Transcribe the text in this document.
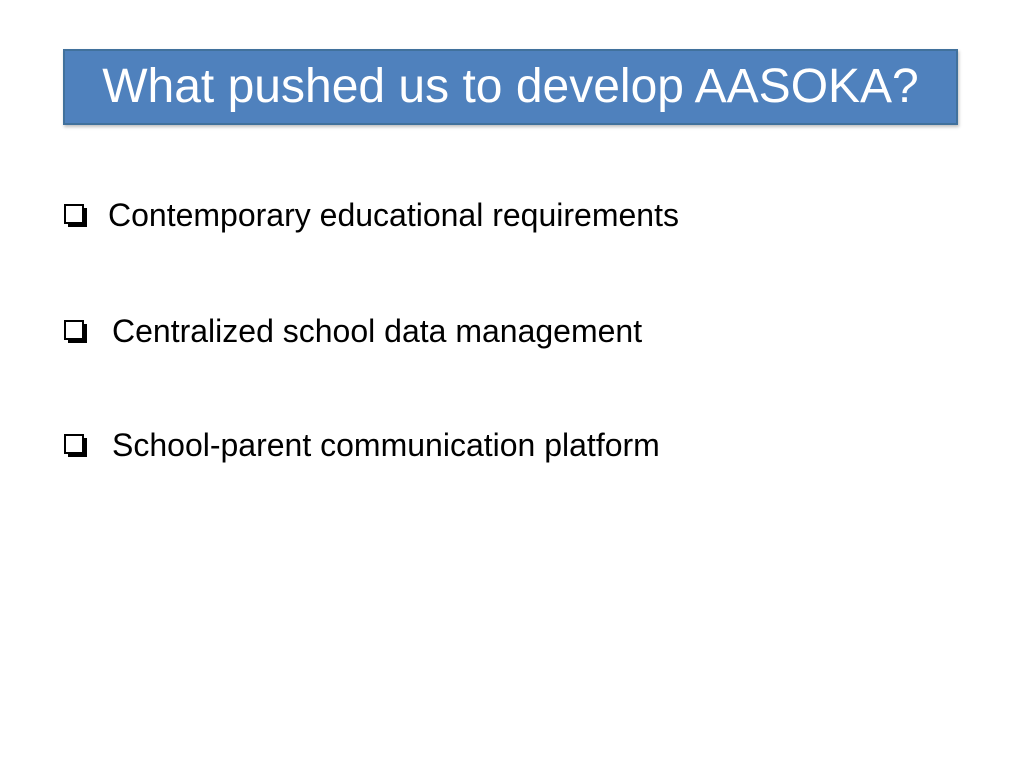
What pushed us to develop AASOKA?
Contemporary educational requirements
Centralized school data management
School-parent communication platform
